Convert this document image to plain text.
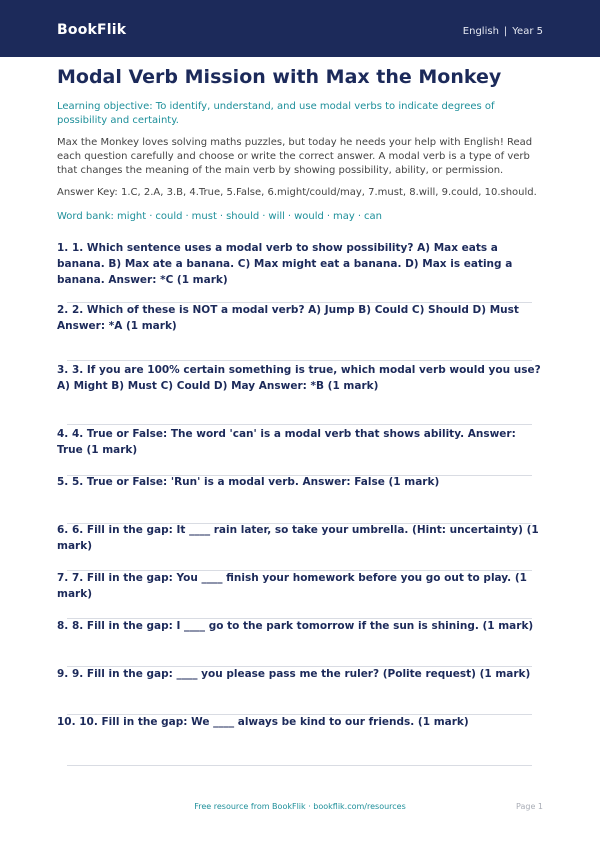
BookFlik	English | Year 5
Modal Verb Mission with Max the Monkey
Learning objective: To identify, understand, and use modal verbs to indicate degrees of possibility and certainty.
Max the Monkey loves solving maths puzzles, but today he needs your help with English! Read each question carefully and choose or write the correct answer. A modal verb is a type of verb that changes the meaning of the main verb by showing possibility, ability, or permission.
Answer Key: 1.C, 2.A, 3.B, 4.True, 5.False, 6.might/could/may, 7.must, 8.will, 9.could, 10.should.
Word bank: might · could · must · should · will · would · may · can
1. 1. Which sentence uses a modal verb to show possibility? A) Max eats a banana. B) Max ate a banana. C) Max might eat a banana. D) Max is eating a banana. Answer: *C (1 mark)
2. 2. Which of these is NOT a modal verb? A) Jump B) Could C) Should D) Must Answer: *A (1 mark)
3. 3. If you are 100% certain something is true, which modal verb would you use? A) Might B) Must C) Could D) May Answer: *B (1 mark)
4. 4. True or False: The word 'can' is a modal verb that shows ability. Answer: True (1 mark)
5. 5. True or False: 'Run' is a modal verb. Answer: False (1 mark)
6. 6. Fill in the gap: It ____ rain later, so take your umbrella. (Hint: uncertainty) (1 mark)
7. 7. Fill in the gap: You ____ finish your homework before you go out to play. (1 mark)
8. 8. Fill in the gap: I ____ go to the park tomorrow if the sun is shining. (1 mark)
9. 9. Fill in the gap: ____ you please pass me the ruler? (Polite request) (1 mark)
10. 10. Fill in the gap: We ____ always be kind to our friends. (1 mark)
Free resource from BookFlik · bookflik.com/resources	Page 1
